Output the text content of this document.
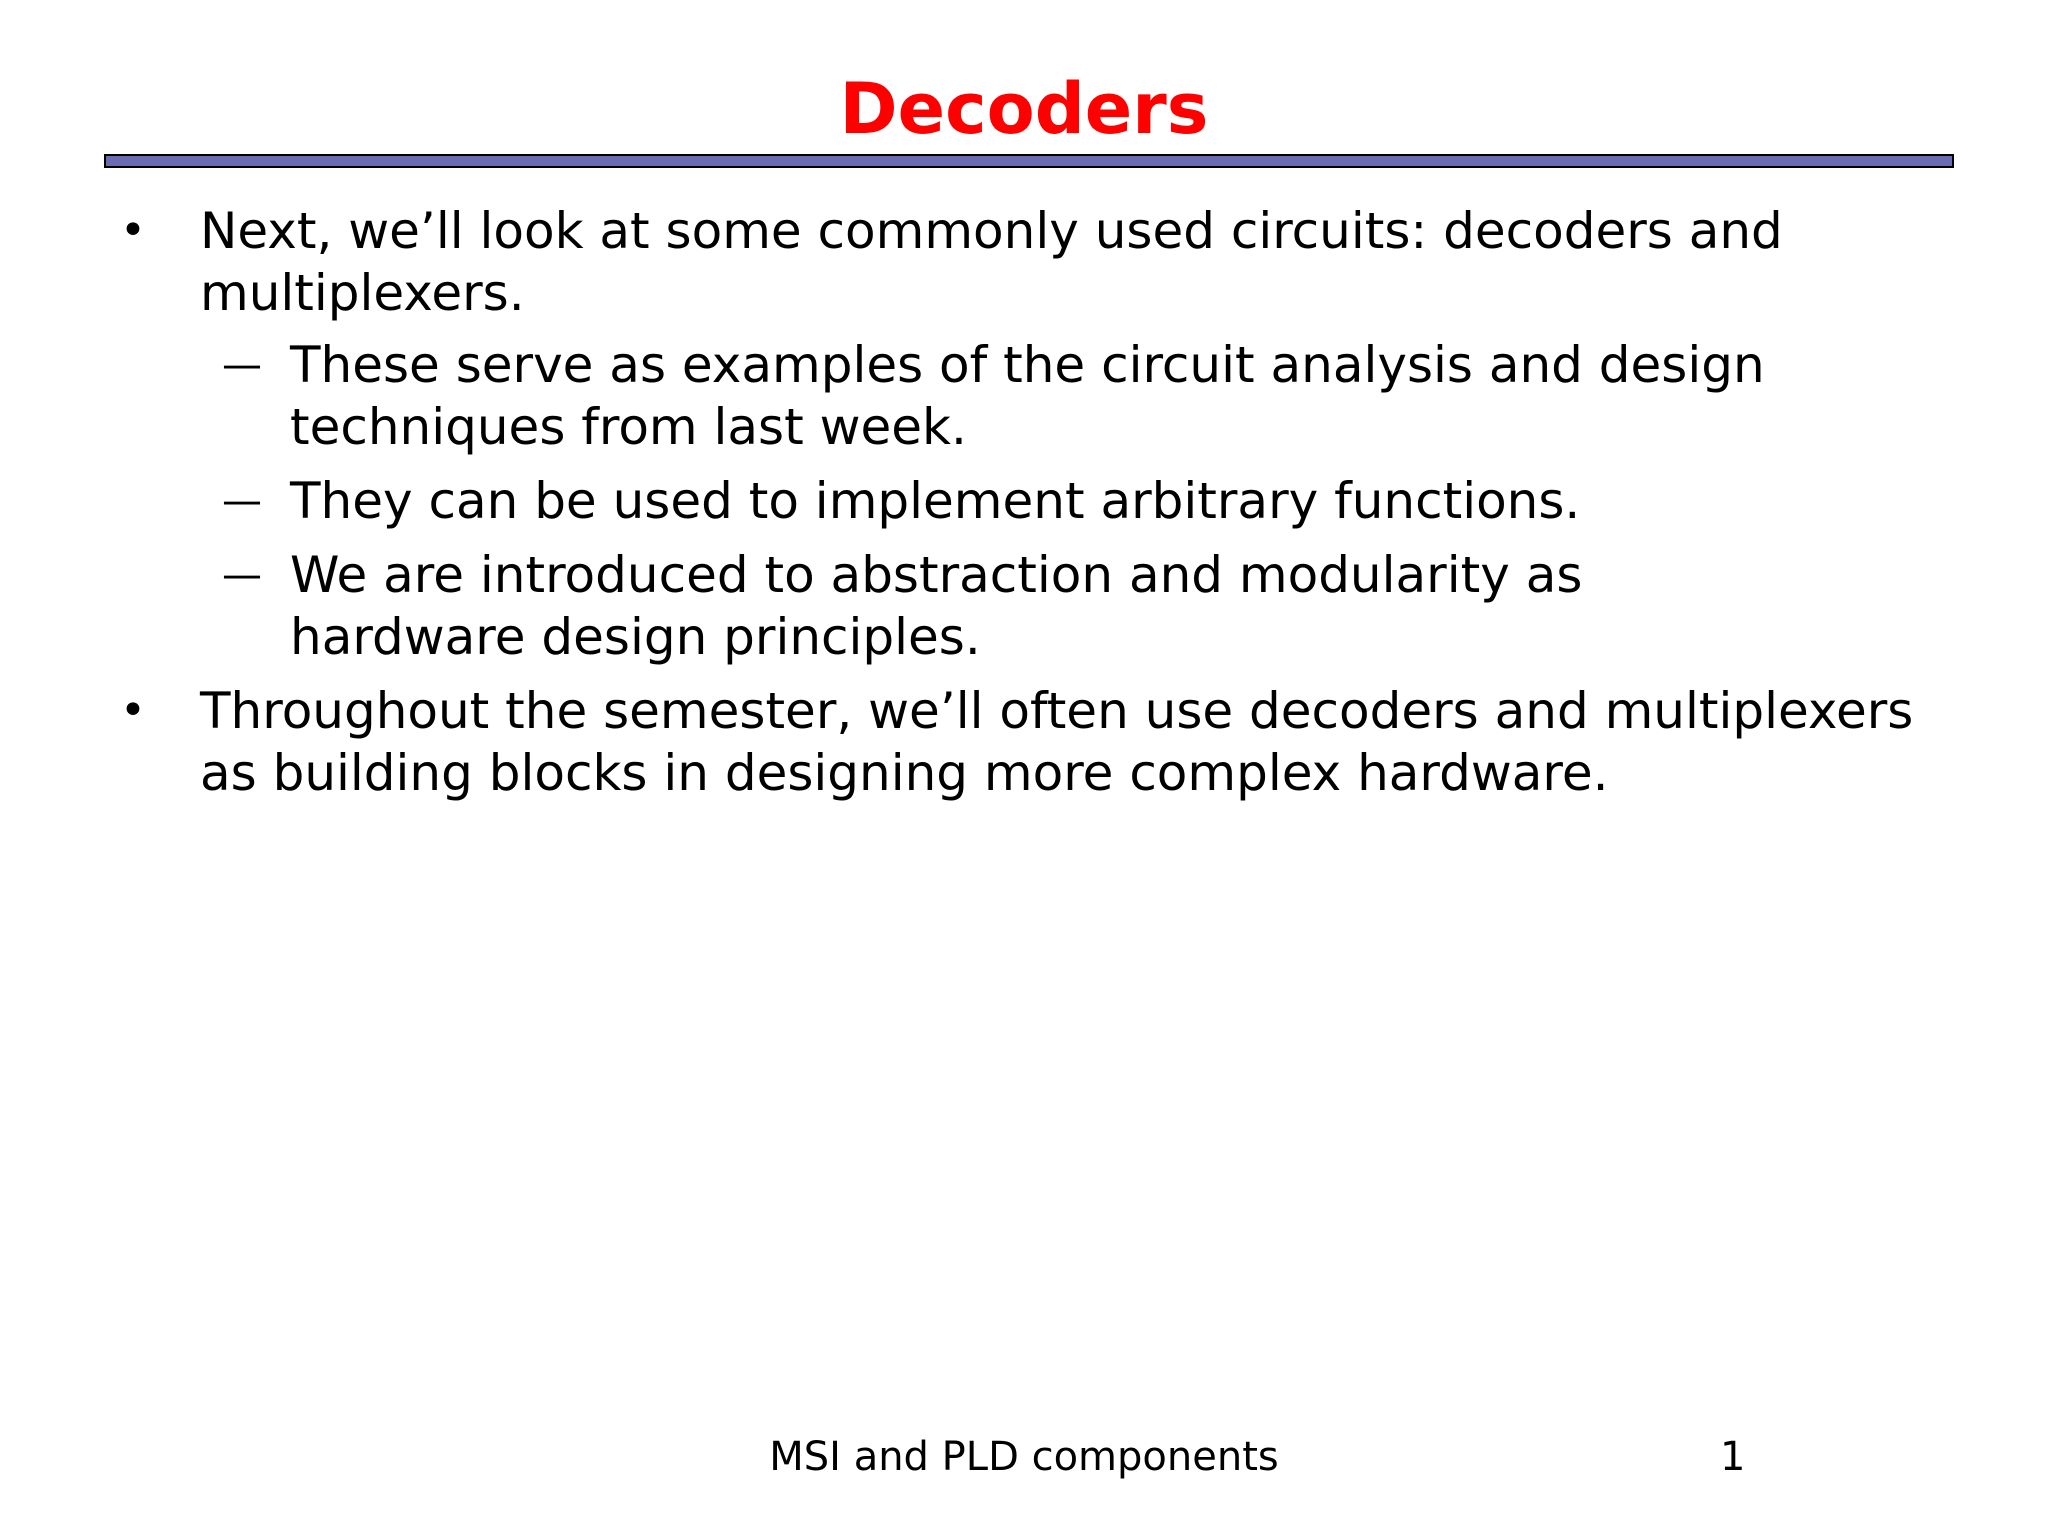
Decoders
• Next, we’ll look at some commonly used circuits: decoders and multiplexers.
— These serve as examples of the circuit analysis and design techniques from last week.
— They can be used to implement arbitrary functions.
— We are introduced to abstraction and modularity as hardware design principles.
• Throughout the semester, we’ll often use decoders and multiplexers as building blocks in designing more complex hardware.
MSI and PLD components	1
